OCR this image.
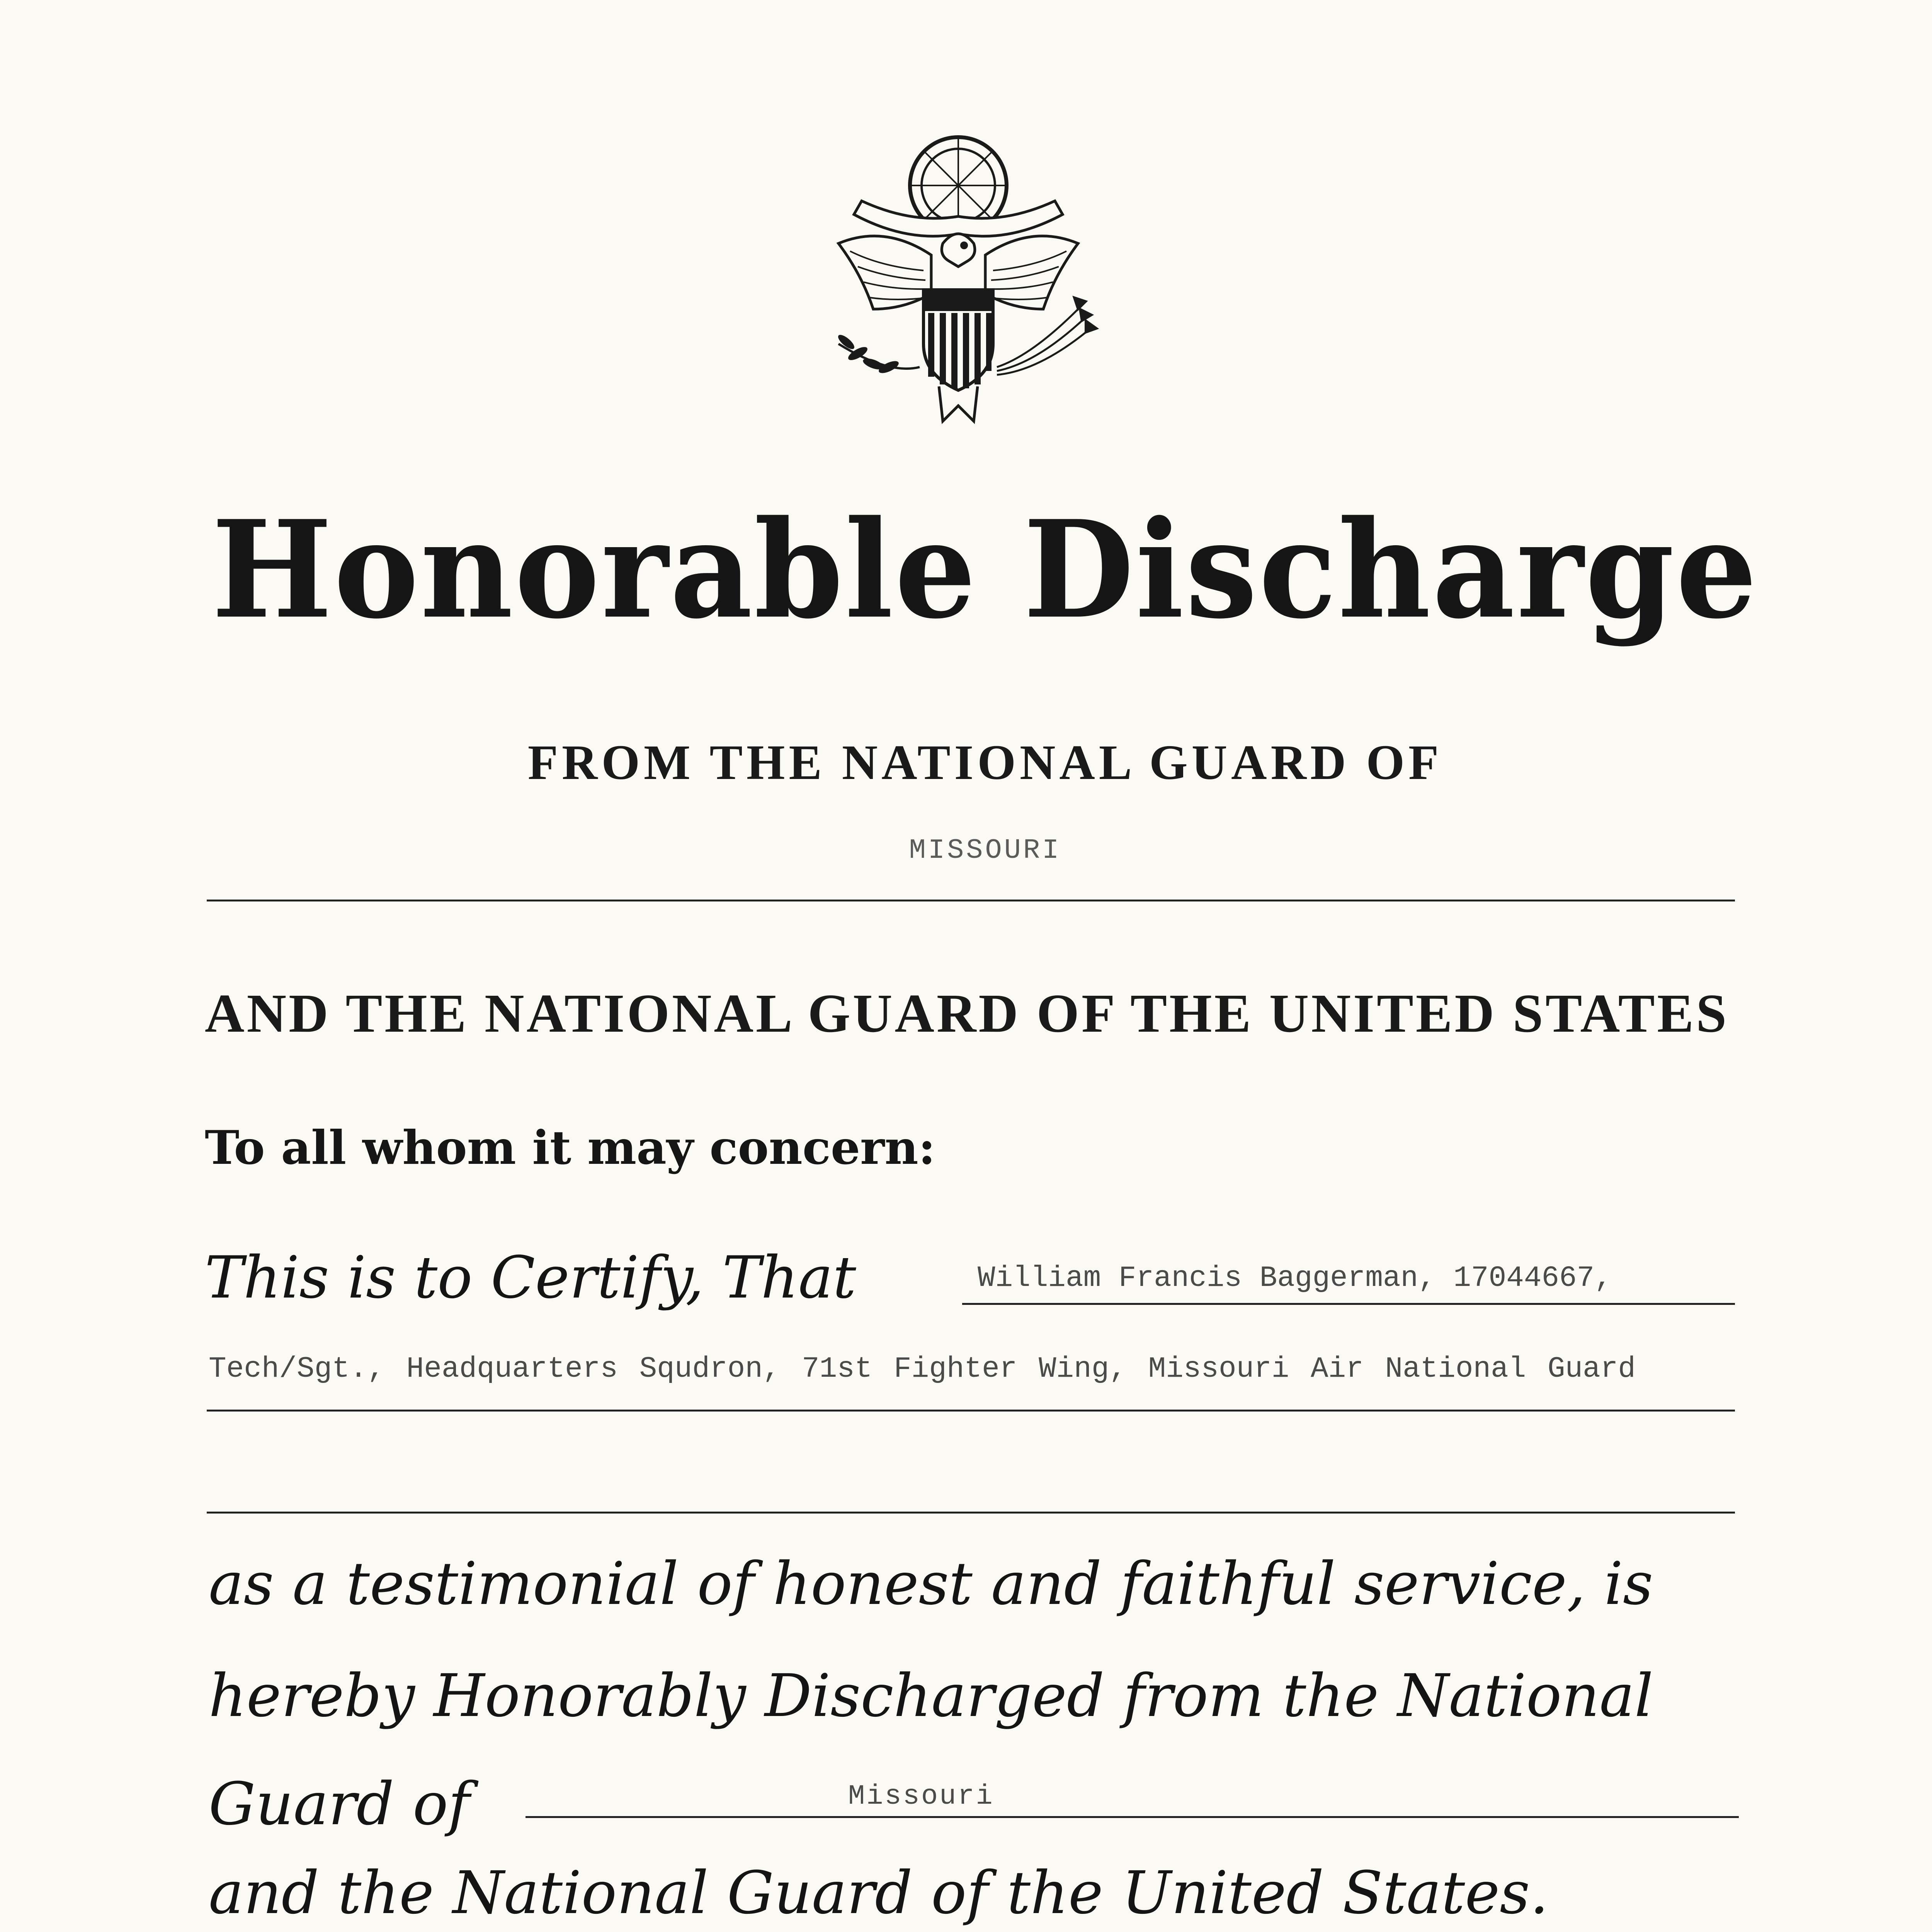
Honorable Discharge
FROM THE NATIONAL GUARD OF
MISSOURI
AND THE NATIONAL GUARD OF THE UNITED STATES
To all whom it may concern:
This is to Certify, That	William Francis Baggerman, 17044667,
Tech/Sgt., Headquarters Squdron, 71st Fighter Wing, Missouri Air National Guard
as a testimonial of honest and faithful service, is
hereby Honorably Discharged from the National
Guard of	Missouri
and the National Guard of the United States.
